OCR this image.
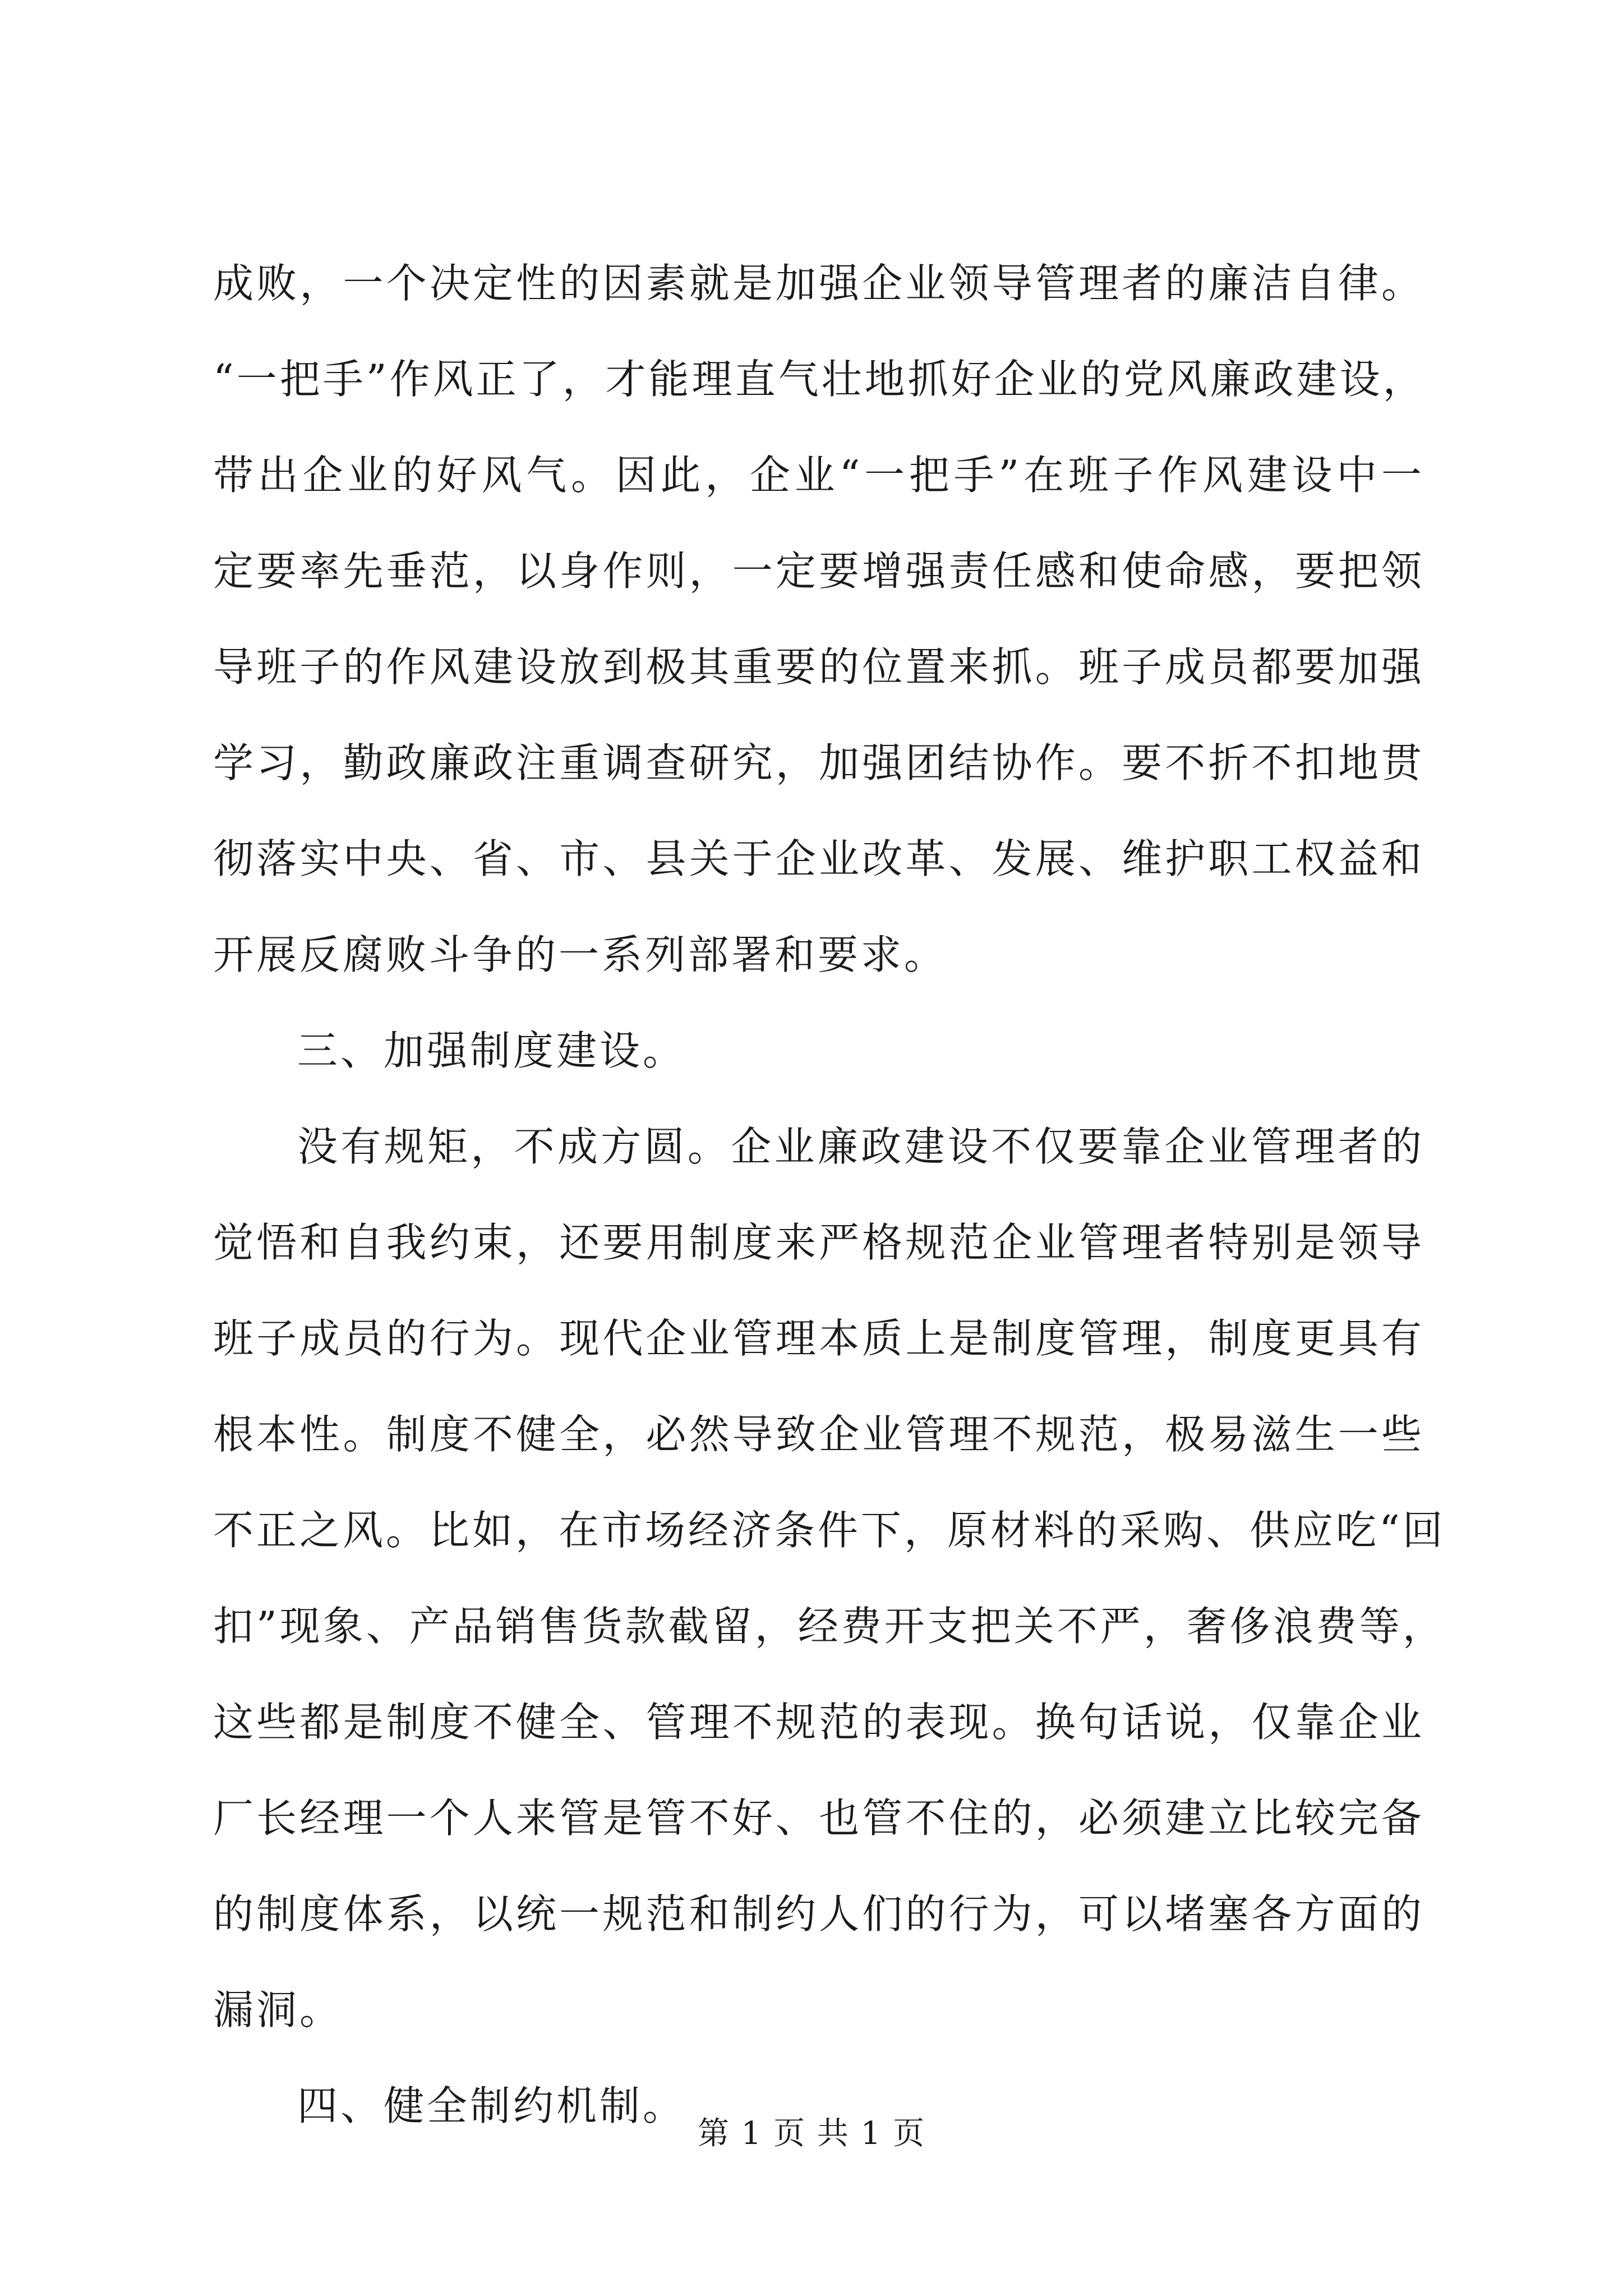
成败，一个决定性的因素就是加强企业领导管理者的廉洁自律。
“一把手”作风正了，才能理直气壮地抓好企业的党风廉政建设，
带出企业的好风气。因此，企业“一把手”在班子作风建设中一
定要率先垂范，以身作则，一定要增强责任感和使命感，要把领
导班子的作风建设放到极其重要的位置来抓。班子成员都要加强
学习，勤政廉政注重调查研究，加强团结协作。要不折不扣地贯
彻落实中央、省、市、县关于企业改革、发展、维护职工权益和
开展反腐败斗争的一系列部署和要求。
三、加强制度建设。
没有规矩，不成方圆。企业廉政建设不仅要靠企业管理者的
觉悟和自我约束，还要用制度来严格规范企业管理者特别是领导
班子成员的行为。现代企业管理本质上是制度管理，制度更具有
根本性。制度不健全，必然导致企业管理不规范，极易滋生一些
不正之风。比如，在市场经济条件下，原材料的采购、供应吃“回
扣”现象、产品销售货款截留，经费开支把关不严，奢侈浪费等，
这些都是制度不健全、管理不规范的表现。换句话说，仅靠企业
厂长经理一个人来管是管不好、也管不住的，必须建立比较完备
的制度体系，以统一规范和制约人们的行为，可以堵塞各方面的
漏洞。
四、健全制约机制。
第 1 页 共 1 页
